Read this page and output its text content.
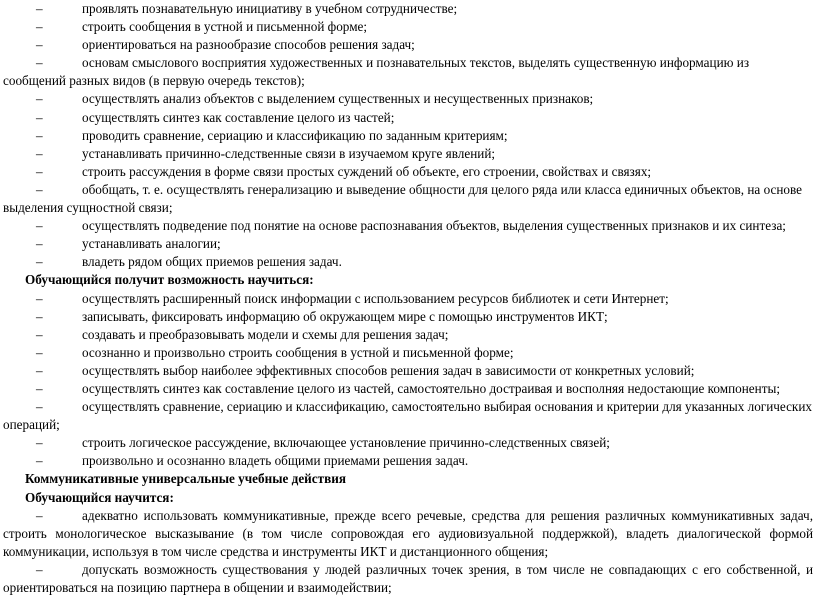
–	проявлять познавательную инициативу в учебном сотрудничестве;
–	строить сообщения в устной и письменной форме;
–	ориентироваться на разнообразие способов решения задач;
–	основам смыслового восприятия художественных и познавательных текстов, выделять существенную информацию из сообщений разных видов (в первую очередь текстов);
–	осуществлять анализ объектов с выделением существенных и несущественных признаков;
–	осуществлять синтез как составление целого из частей;
–	проводить сравнение, сериацию и классификацию по заданным критериям;
–	устанавливать причинно-следственные связи в изучаемом круге явлений;
–	строить рассуждения в форме связи простых суждений об объекте, его строении, свойствах и связях;
–	обобщать, т. е. осуществлять генерализацию и выведение общности для целого ряда или класса единичных объектов, на основе выделения сущностной связи;
–	осуществлять подведение под понятие на основе распознавания объектов, выделения существенных признаков и их синтеза;
–	устанавливать аналогии;
–	владеть рядом общих приемов решения задач.
Обучающийся получит возможность научиться:
–	осуществлять расширенный поиск информации с использованием ресурсов библиотек и сети Интернет;
–	записывать, фиксировать информацию об окружающем мире с помощью инструментов ИКТ;
–	создавать и преобразовывать модели и схемы для решения задач;
–	осознанно и произвольно строить сообщения в устной и письменной форме;
–	осуществлять выбор наиболее эффективных способов решения задач в зависимости от конкретных условий;
–	осуществлять синтез как составление целого из частей, самостоятельно достраивая и восполняя недостающие компоненты;
–	осуществлять сравнение, сериацию и классификацию, самостоятельно выбирая основания и критерии для указанных логических операций;
–	строить логическое рассуждение, включающее установление причинно-следственных связей;
–	произвольно и осознанно владеть общими приемами решения задач.
Коммуникативные универсальные учебные действия
Обучающийся научится:
–	адекватно использовать коммуникативные, прежде всего речевые, средства для решения различных коммуникативных задач, строить монологическое высказывание (в том числе сопровождая его аудиовизуальной поддержкой), владеть диалогической формой коммуникации, используя в том числе средства и инструменты ИКТ и дистанционного общения;
–	допускать возможность существования у людей различных точек зрения, в том числе не совпадающих с его собственной, и ориентироваться на позицию партнера в общении и взаимодействии;
